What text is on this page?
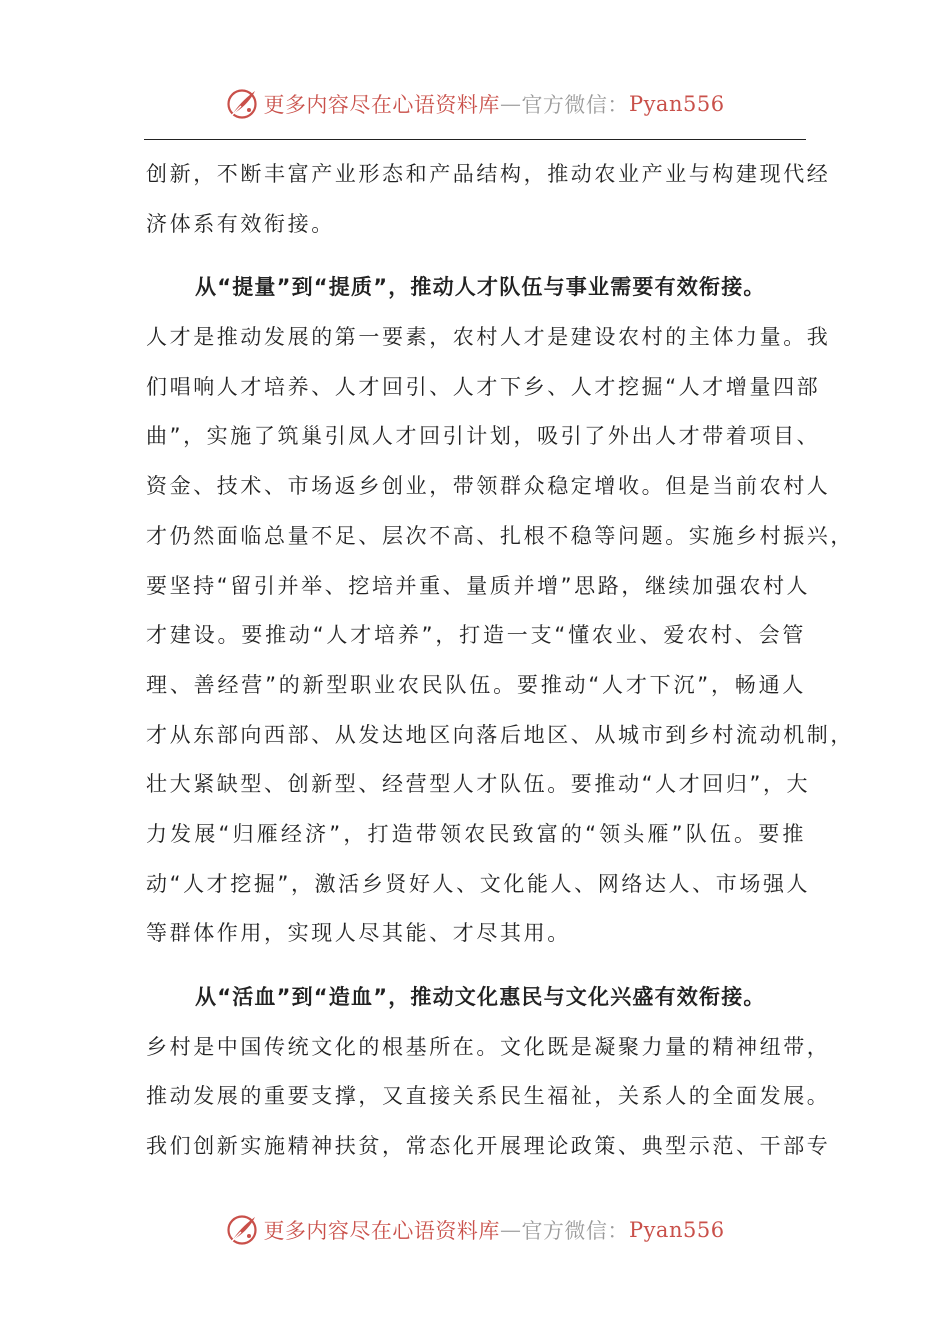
更多内容尽在心语资料库 — 官方微信： Pyan556
创新，不断丰富产业形态和产品结构，推动农业产业与构建现代经
济体系有效衔接。
从“提量”到“提质”，推动人才队伍与事业需要有效衔接。
人才是推动发展的第一要素，农村人才是建设农村的主体力量。我
们唱响人才培养、人才回引、人才下乡、人才挖掘“人才增量四部
曲”，实施了筑巢引凤人才回引计划，吸引了外出人才带着项目、
资金、技术、市场返乡创业，带领群众稳定增收。但是当前农村人
才仍然面临总量不足、层次不高、扎根不稳等问题。实施乡村振兴，
要坚持“留引并举、挖培并重、量质并增”思路，继续加强农村人
才建设。要推动“人才培养”，打造一支“懂农业、爱农村、会管
理、善经营”的新型职业农民队伍。要推动“人才下沉”，畅通人
才从东部向西部、从发达地区向落后地区、从城市到乡村流动机制，
壮大紧缺型、创新型、经营型人才队伍。要推动“人才回归”，大
力发展“归雁经济”，打造带领农民致富的“领头雁”队伍。要推
动“人才挖掘”，激活乡贤好人、文化能人、网络达人、市场强人
等群体作用，实现人尽其能、才尽其用。
从“活血”到“造血”，推动文化惠民与文化兴盛有效衔接。
乡村是中国传统文化的根基所在。文化既是凝聚力量的精神纽带，
推动发展的重要支撑，又直接关系民生福祉，关系人的全面发展。
我们创新实施精神扶贫，常态化开展理论政策、典型示范、干部专
更多内容尽在心语资料库 — 官方微信： Pyan556
